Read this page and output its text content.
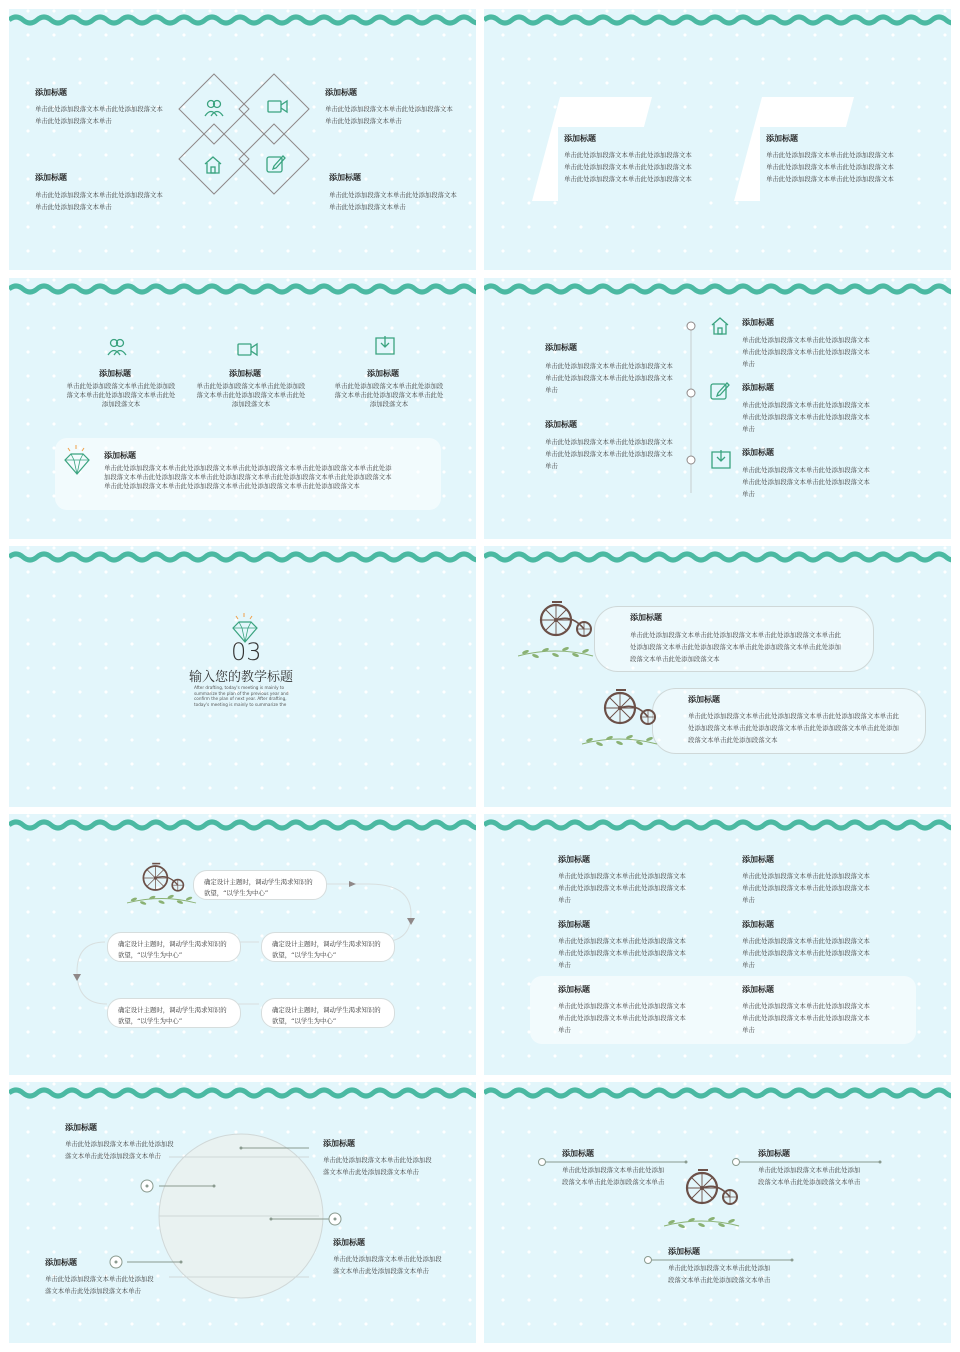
添加标题
单击此处添加段落文本单击此处添加段落文本单击此处添加段落文本单击
添加标题
单击此处添加段落文本单击此处添加段落文本单击此处添加段落文本单击
添加标题
单击此处添加段落文本单击此处添加段落文本单击此处添加段落文本单击
添加标题
单击此处添加段落文本单击此处添加段落文本单击此处添加段落文本单击
添加标题
单击此处添加段落文本单击此处添加段落文本单击此处添加段落文本单击此处添加段落文本单击此处添加段落文本单击此处添加段落文本
添加标题
单击此处添加段落文本单击此处添加段落文本单击此处添加段落文本单击此处添加段落文本单击此处添加段落文本单击此处添加段落文本
添加标题
单击此处添加段落文本单击此处添加段落文本单击此处添加段落文本单击此处添加段落文本
添加标题
单击此处添加段落文本单击此处添加段落文本单击此处添加段落文本单击此处添加段落文本
添加标题
单击此处添加段落文本单击此处添加段落文本单击此处添加段落文本单击此处添加段落文本
添加标题
单击此处添加段落文本单击此处添加段落文本单击此处添加段落文本单击此处添加段落文本单击此处添加段落文本单击此处添加段落文本单击此处添加段落文本单击此处添加段落文本单击此处添加段落文本单击此处添加段落文本单击此处添加段落文本单击此处添加段落文本单击此处添加段落文本
添加标题
单击此处添加段落文本单击此处添加段落文本单击此处添加段落文本单击此处添加段落文本单击
添加标题
单击此处添加段落文本单击此处添加段落文本单击此处添加段落文本单击此处添加段落文本单击
添加标题
单击此处添加段落文本单击此处添加段落文本单击此处添加段落文本单击此处添加段落文本单击
添加标题
单击此处添加段落文本单击此处添加段落文本单击此处添加段落文本单击此处添加段落文本单击
添加标题
单击此处添加段落文本单击此处添加段落文本单击此处添加段落文本单击此处添加段落文本单击
03
输入您的教学标题
After drafting, today's meeting is mainly to summarize the plan of the previous year and confirm the plan of next year. After drafting, today's meeting is mainly to summarize the
添加标题
单击此处添加段落文本单击此处添加段落文本单击此处添加段落文本单击此处添加段落文本单击此处添加段落文本单击此处添加段落文本单击此处添加段落文本单击此处添加段落文本
添加标题
单击此处添加段落文本单击此处添加段落文本单击此处添加段落文本单击此处添加段落文本单击此处添加段落文本单击此处添加段落文本单击此处添加段落文本单击此处添加段落文本
确定设计主题时，调动学生渴求知识的欲望，“以学生为中心”
确定设计主题时，调动学生渴求知识的欲望，“以学生为中心”
确定设计主题时，调动学生渴求知识的欲望，“以学生为中心”
确定设计主题时，调动学生渴求知识的欲望，“以学生为中心”
确定设计主题时，调动学生渴求知识的欲望，“以学生为中心”
添加标题
单击此处添加段落文本单击此处添加段落文本单击此处添加段落文本单击此处添加段落文本单击
添加标题
单击此处添加段落文本单击此处添加段落文本单击此处添加段落文本单击此处添加段落文本单击
添加标题
单击此处添加段落文本单击此处添加段落文本单击此处添加段落文本单击此处添加段落文本单击
添加标题
单击此处添加段落文本单击此处添加段落文本单击此处添加段落文本单击此处添加段落文本单击
添加标题
单击此处添加段落文本单击此处添加段落文本单击此处添加段落文本单击此处添加段落文本单击
添加标题
单击此处添加段落文本单击此处添加段落文本单击此处添加段落文本单击此处添加段落文本单击
添加标题
单击此处添加段落文本单击此处添加段落文本单击此处添加段落文本单击
添加标题
单击此处添加段落文本单击此处添加段落文本单击此处添加段落文本单击
添加标题
单击此处添加段落文本单击此处添加段落文本单击此处添加段落文本单击
添加标题
单击此处添加段落文本单击此处添加段落文本单击此处添加段落文本单击
添加标题
单击此处添加段落文本单击此处添加段落文本单击此处添加段落文本单击
添加标题
单击此处添加段落文本单击此处添加段落文本单击此处添加段落文本单击
添加标题
单击此处添加段落文本单击此处添加段落文本单击此处添加段落文本单击
